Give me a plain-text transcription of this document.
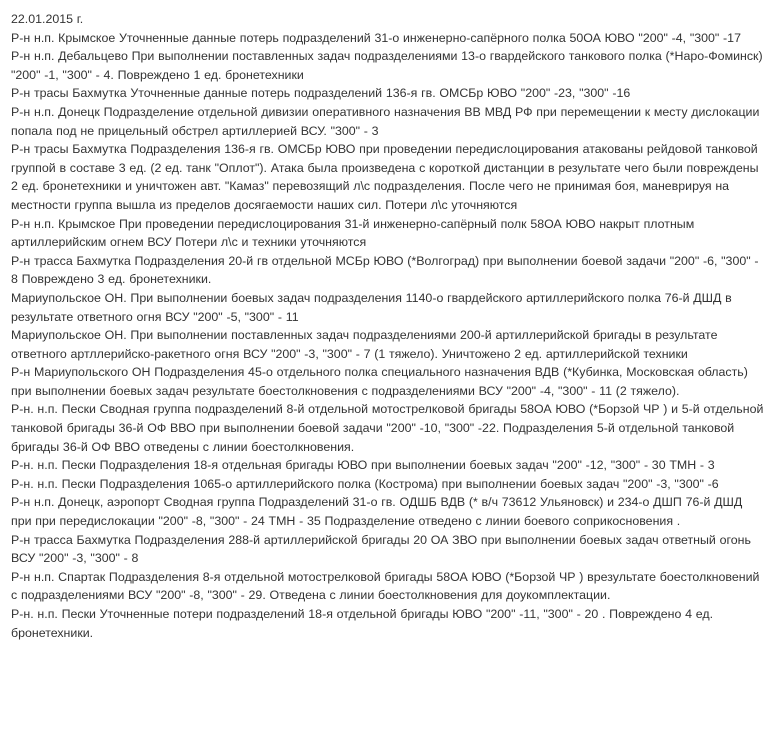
22.01.2015 г.

Р-н н.п. Крымское Уточненные данные потерь подразделений 31-о инженерно-сапёрного полка 50ОА ЮВО "200" -4, "300" -17

Р-н н.п. Дебальцево При выполнении поставленных задач подразделениями 13-о гвардейского танкового полка (*Наро-Фоминск) "200" -1, "300" - 4. Повреждено 1 ед. бронетехники

Р-н трасы Бахмутка Уточненные данные потерь подразделений 136-я гв. ОМСБр ЮВО "200" -23, "300" -16

Р-н н.п. Донецк Подразделение отдельной дивизии оперативного назначения ВВ МВД РФ при перемещении к месту дислокации попала под не прицельный обстрел артиллерией ВСУ. "300" - 3

Р-н трасы Бахмутка Подразделения 136-я гв. ОМСБр ЮВО при проведении передислоцирования атакованы рейдовой танковой группой в составе 3 ед. (2 ед. танк "Оплот"). Атака была произведена с короткой дистанции в результате чего были повреждены 2 ед. бронетехники и уничтожен авт. "Камаз" перевозящий л\с подразделения. После чего не принимая боя, маневрируя на местности группа вышла из пределов досягаемости наших сил. Потери л\с уточняются

Р-н н.п. Крымское При проведении передислоцирования 31-й инженерно-сапёрный полк 58ОА ЮВО накрыт плотным артиллерийским огнем ВСУ Потери л\с и техники уточняются

Р-н трасса Бахмутка Подразделения 20-й гв отдельной МСБр ЮВО (*Волгоград) при выполнении боевой задачи "200" -6, "300" - 8 Повреждено 3 ед. бронетехники.

Мариупольское ОН. При выполнении боевых задач подразделения 1140-о гвардейского артиллерийского полка 76-й ДШД в результате ответного огня ВСУ "200" -5, "300" - 11

Мариупольское ОН. При выполнении поставленных задач подразделениями 200-й артиллерийской бригады в результате ответного артллерийско-ракетного огня ВСУ "200" -3, "300" - 7 (1 тяжело). Уничтожено 2 ед. артиллерийской техники

Р-н Мариупольского ОН Подразделения 45-о отдельного полка специального назначения ВДВ (*Кубинка, Московская область) при выполнении боевых задач результате боестолкновения с подразделениями ВСУ "200" -4, "300" - 11 (2 тяжело).

Р-н. н.п. Пески Сводная группа подразделений 8-й отдельной мотострелковой бригады 58ОА ЮВО (*Борзой ЧР ) и 5-й отдельной танковой бригады 36-й ОФ ВВО при выполнении боевой задачи "200" -10, "300" -22. Подразделения 5-й отдельной танковой бригады 36-й ОФ ВВО отведены с линии боестолкновения.

Р-н. н.п. Пески Подразделения 18-я отдельная бригады ЮВО при выполнении боевых задач "200" -12, "300" - 30 ТМН - 3

Р-н. н.п. Пески Подразделения 1065-о артиллерийского полка (Кострома) при выполнении боевых задач "200" -3, "300" -6

Р-н н.п. Донецк, аэропорт Сводная группа Подразделений 31-о гв. ОДШБ ВДВ (* в/ч 73612 Ульяновск) и 234-о ДШП 76-й ДШД при при передислокации "200" -8, "300" - 24 ТМН - 35 Подразделение отведено с линии боевого соприкосновения .

Р-н трасса Бахмутка Подразделения 288-й артиллерийской бригады 20 ОА ЗВО при выполнении боевых задач ответный огонь ВСУ "200" -3, "300" - 8

Р-н н.п. Спартак Подразделения 8-я отдельной мотострелковой бригады 58ОА ЮВО (*Борзой ЧР ) врезультате боестолкновений с подразделениями ВСУ "200" -8, "300" - 29. Отведена с линии боестолкновения для доукомплектации.

Р-н. н.п. Пески Уточненные потери подразделений 18-я отдельной бригады ЮВО "200" -11, "300" - 20 . Повреждено 4 ед. бронетехники.
